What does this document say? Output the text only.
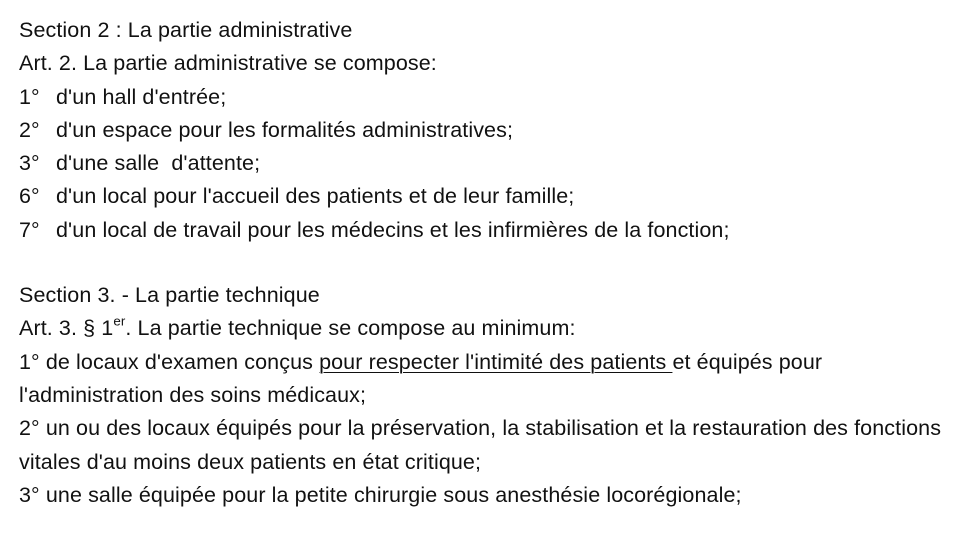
Section 2 : La partie administrative
Art. 2. La partie administrative se compose:
1° d'un hall d'entrée;
2° d'un espace pour les formalités administratives;
3° d'une salle  d'attente;
6° d'un local pour l'accueil des patients et de leur famille;
7° d'un local de travail pour les médecins et les infirmières de la fonction;
Section 3. - La partie technique
Art. 3. § 1er. La partie technique se compose au minimum:
1° de locaux d'examen conçus pour respecter l'intimité des patients et équipés pour l'administration des soins médicaux;
2° un ou des locaux équipés pour la préservation, la stabilisation et la restauration des fonctions vitales d'au moins deux patients en état critique;
3° une salle équipée pour la petite chirurgie sous anesthésie locorégionale;
